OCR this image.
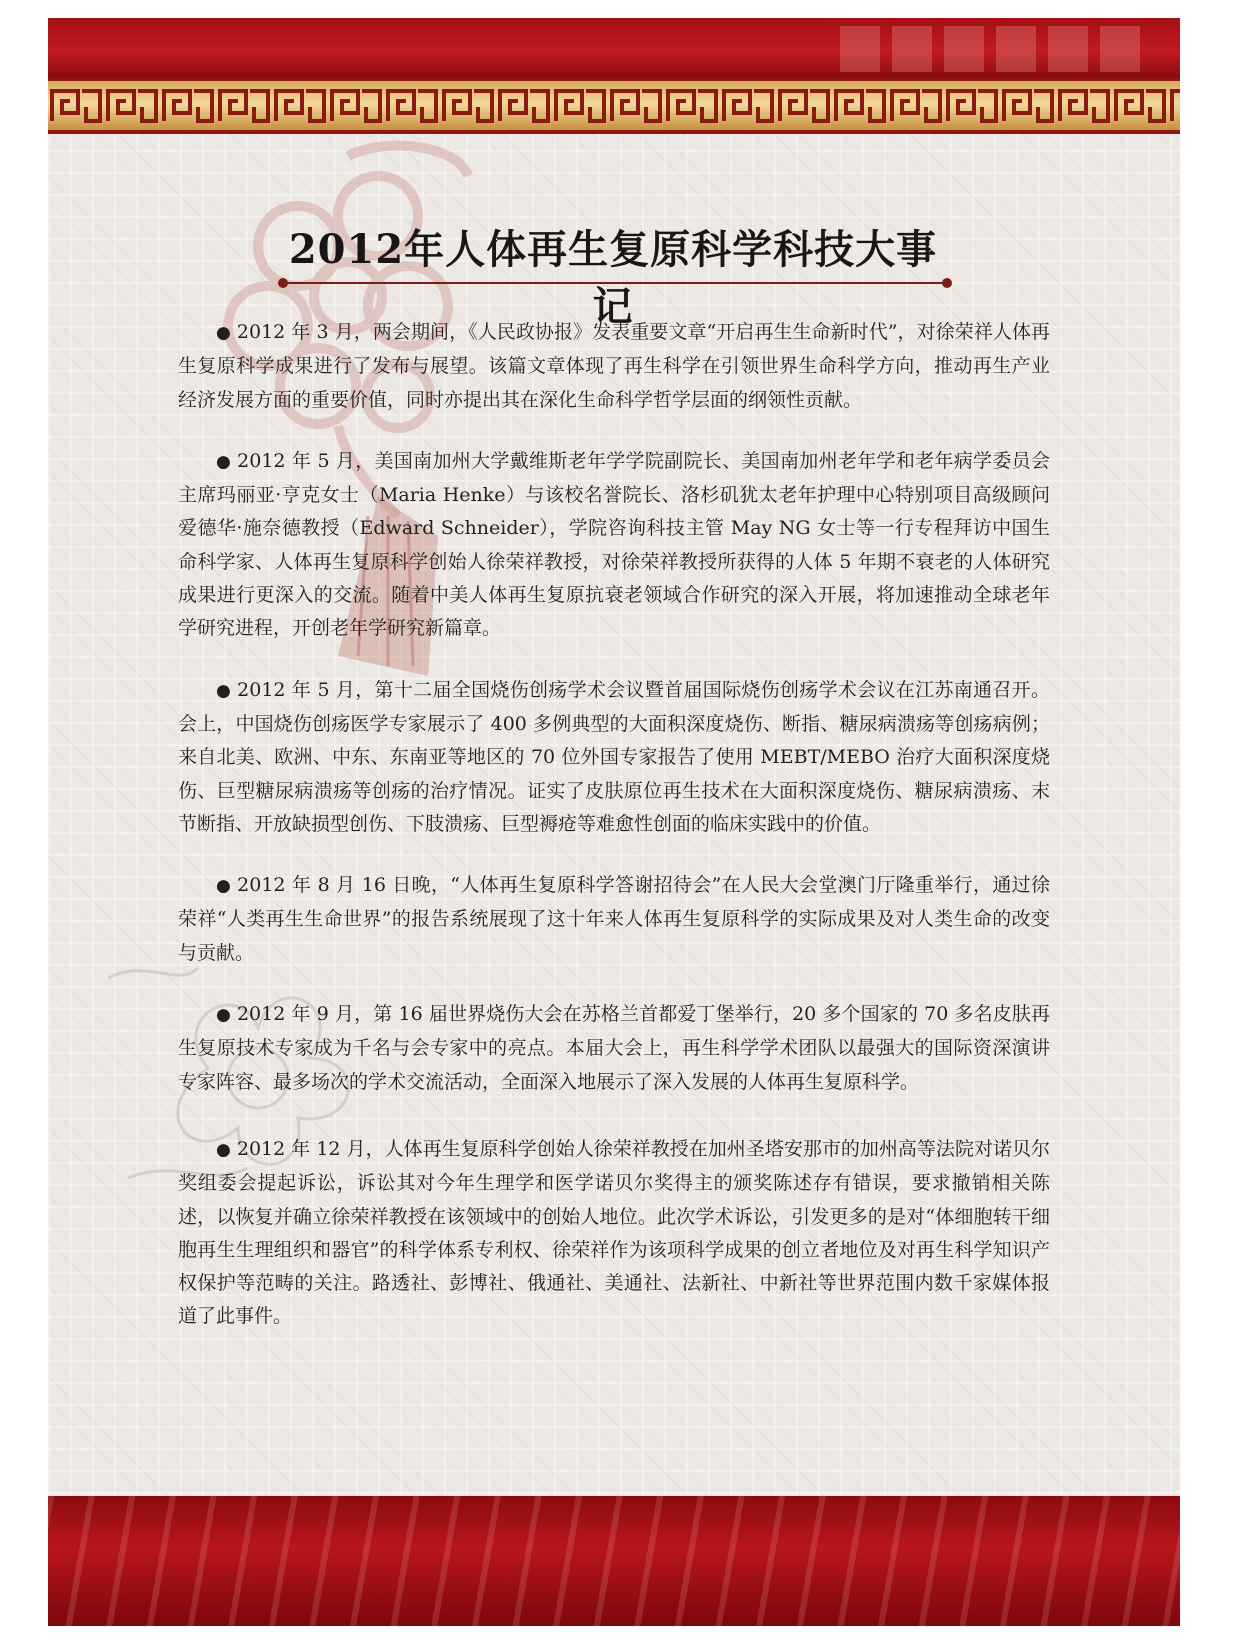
2012年人体再生复原科学科技大事记

● 2012 年 3 月，两会期间，《人民政协报》发表重要文章“开启再生生命新时代”，对徐荣祥人体再生复原科学成果进行了发布与展望。该篇文章体现了再生科学在引领世界生命科学方向，推动再生产业经济发展方面的重要价值，同时亦提出其在深化生命科学哲学层面的纲领性贡献。

● 2012 年 5 月，美国南加州大学戴维斯老年学学院副院长、美国南加州老年学和老年病学委员会主席玛丽亚·亨克女士（Maria Henke）与该校名誉院长、洛杉矶犹太老年护理中心特别项目高级顾问爱德华·施奈德教授（Edward Schneider），学院咨询科技主管 May NG 女士等一行专程拜访中国生命科学家、人体再生复原科学创始人徐荣祥教授，对徐荣祥教授所获得的人体 5 年期不衰老的人体研究成果进行更深入的交流。随着中美人体再生复原抗衰老领域合作研究的深入开展，将加速推动全球老年学研究进程，开创老年学研究新篇章。

● 2012 年 5 月，第十二届全国烧伤创疡学术会议暨首届国际烧伤创疡学术会议在江苏南通召开。会上，中国烧伤创疡医学专家展示了 400 多例典型的大面积深度烧伤、断指、糖尿病溃疡等创疡病例；来自北美、欧洲、中东、东南亚等地区的 70 位外国专家报告了使用 MEBT/MEBO 治疗大面积深度烧伤、巨型糖尿病溃疡等创疡的治疗情况。证实了皮肤原位再生技术在大面积深度烧伤、糖尿病溃疡、末节断指、开放缺损型创伤、下肢溃疡、巨型褥疮等难愈性创面的临床实践中的价值。

● 2012 年 8 月 16 日晚，“人体再生复原科学答谢招待会”在人民大会堂澳门厅隆重举行，通过徐荣祥“人类再生生命世界”的报告系统展现了这十年来人体再生复原科学的实际成果及对人类生命的改变与贡献。

● 2012 年 9 月，第 16 届世界烧伤大会在苏格兰首都爱丁堡举行，20 多个国家的 70 多名皮肤再生复原技术专家成为千名与会专家中的亮点。本届大会上，再生科学学术团队以最强大的国际资深演讲专家阵容、最多场次的学术交流活动，全面深入地展示了深入发展的人体再生复原科学。

● 2012 年 12 月，人体再生复原科学创始人徐荣祥教授在加州圣塔安那市的加州高等法院对诺贝尔奖组委会提起诉讼，诉讼其对今年生理学和医学诺贝尔奖得主的颁奖陈述存有错误，要求撤销相关陈述，以恢复并确立徐荣祥教授在该领域中的创始人地位。此次学术诉讼，引发更多的是对“体细胞转干细胞再生生理组织和器官”的科学体系专利权、徐荣祥作为该项科学成果的创立者地位及对再生科学知识产权保护等范畴的关注。路透社、彭博社、俄通社、美通社、法新社、中新社等世界范围内数千家媒体报道了此事件。
